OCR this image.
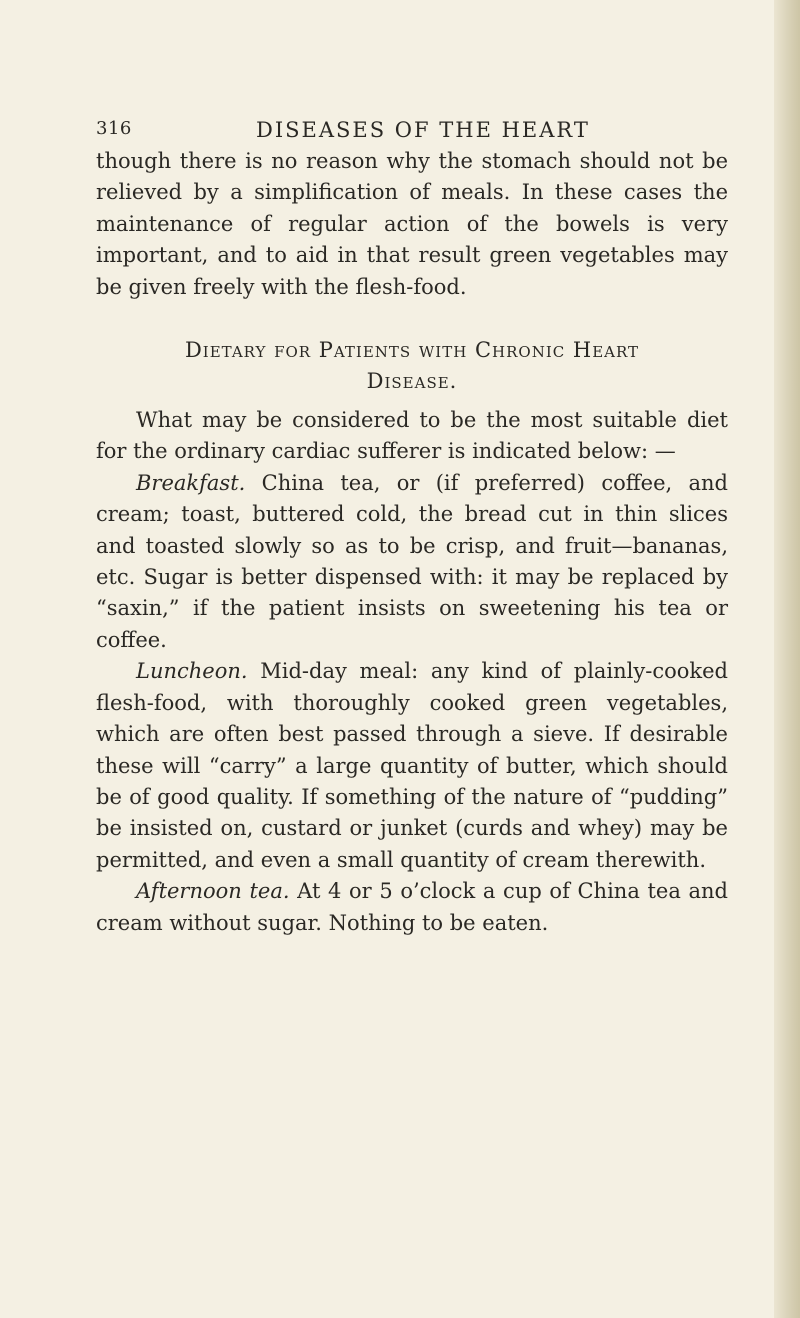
316	DISEASES OF THE HEART

though there is no reason why the stomach should not be relieved by a simplification of meals. In these cases the maintenance of regular action of the bowels is very important, and to aid in that result green vegetables may be given freely with the flesh-food.

Dietary for Patients with Chronic Heart
Disease.

What may be considered to be the most suitable diet for the ordinary cardiac sufferer is indicated below: —

Breakfast. China tea, or (if preferred) coffee, and cream; toast, buttered cold, the bread cut in thin slices and toasted slowly so as to be crisp, and fruit—bananas, etc. Sugar is better dispensed with: it may be replaced by “saxin,” if the patient insists on sweetening his tea or coffee.

Luncheon. Mid-day meal: any kind of plainly-cooked flesh-food, with thoroughly cooked green vegetables, which are often best passed through a sieve. If desirable these will “carry” a large quantity of butter, which should be of good quality. If something of the nature of “pudding” be insisted on, custard or junket (curds and whey) may be permitted, and even a small quantity of cream therewith.

Afternoon tea. At 4 or 5 o’clock a cup of China tea and cream without sugar. Nothing to be eaten.
